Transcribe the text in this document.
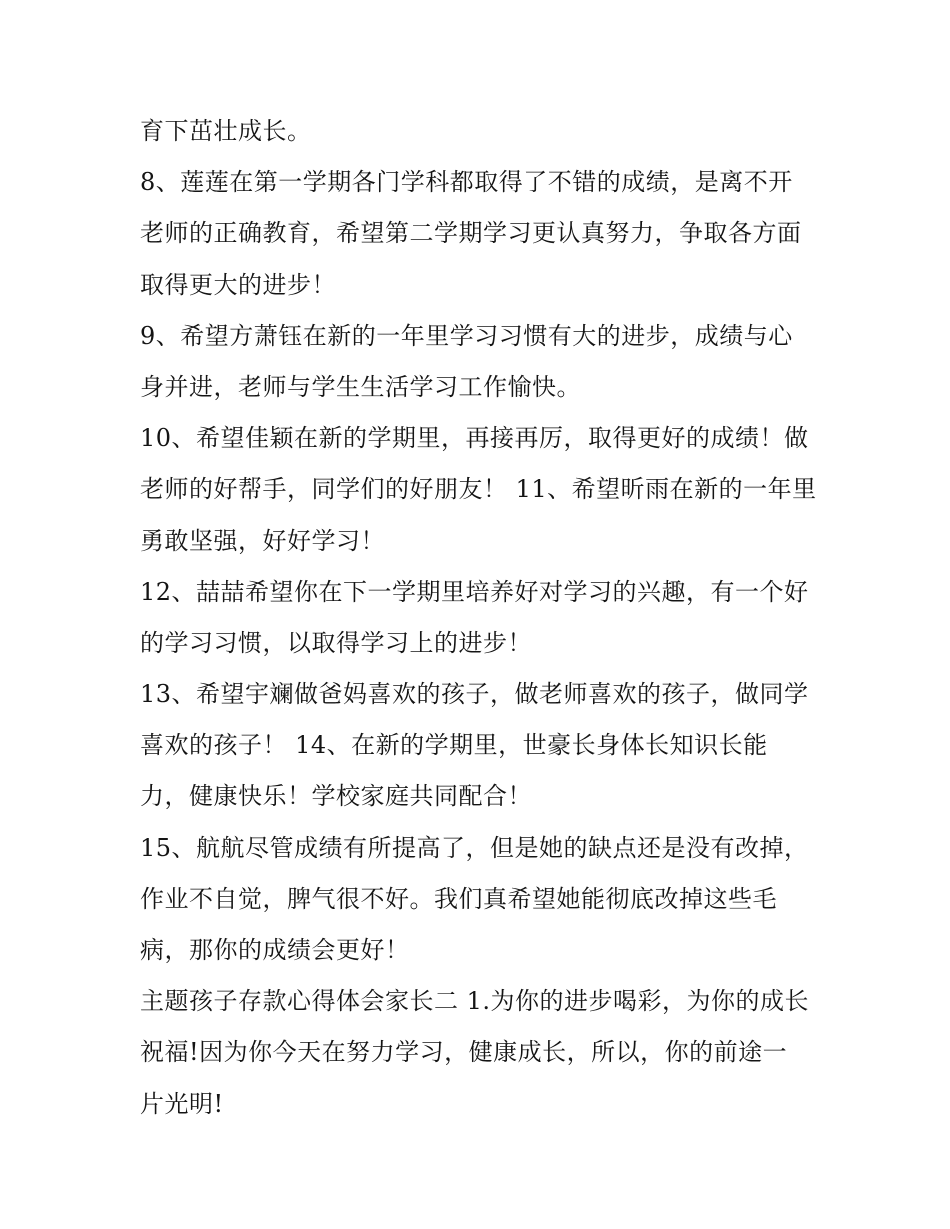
育下茁壮成长。
8、莲莲在第一学期各门学科都取得了不错的成绩，是离不开
老师的正确教育，希望第二学期学习更认真努力，争取各方面
取得更大的进步！
9、希望方萧钰在新的一年里学习习惯有大的进步，成绩与心
身并进，老师与学生生活学习工作愉快。
10、希望佳颖在新的学期里，再接再厉，取得更好的成绩！做
老师的好帮手，同学们的好朋友！ 11、希望昕雨在新的一年里
勇敢坚强，好好学习！
12、喆喆希望你在下一学期里培养好对学习的兴趣，有一个好
的学习习惯，以取得学习上的进步！
13、希望宇斓做爸妈喜欢的孩子，做老师喜欢的孩子，做同学
喜欢的孩子！ 14、在新的学期里，世豪长身体长知识长能
力，健康快乐！学校家庭共同配合！
15、航航尽管成绩有所提高了，但是她的缺点还是没有改掉，
作业不自觉，脾气很不好。我们真希望她能彻底改掉这些毛
病，那你的成绩会更好！
主题孩子存款心得体会家长二 1.为你的进步喝彩，为你的成长
祝福!因为你今天在努力学习，健康成长，所以，你的前途一
片光明!
